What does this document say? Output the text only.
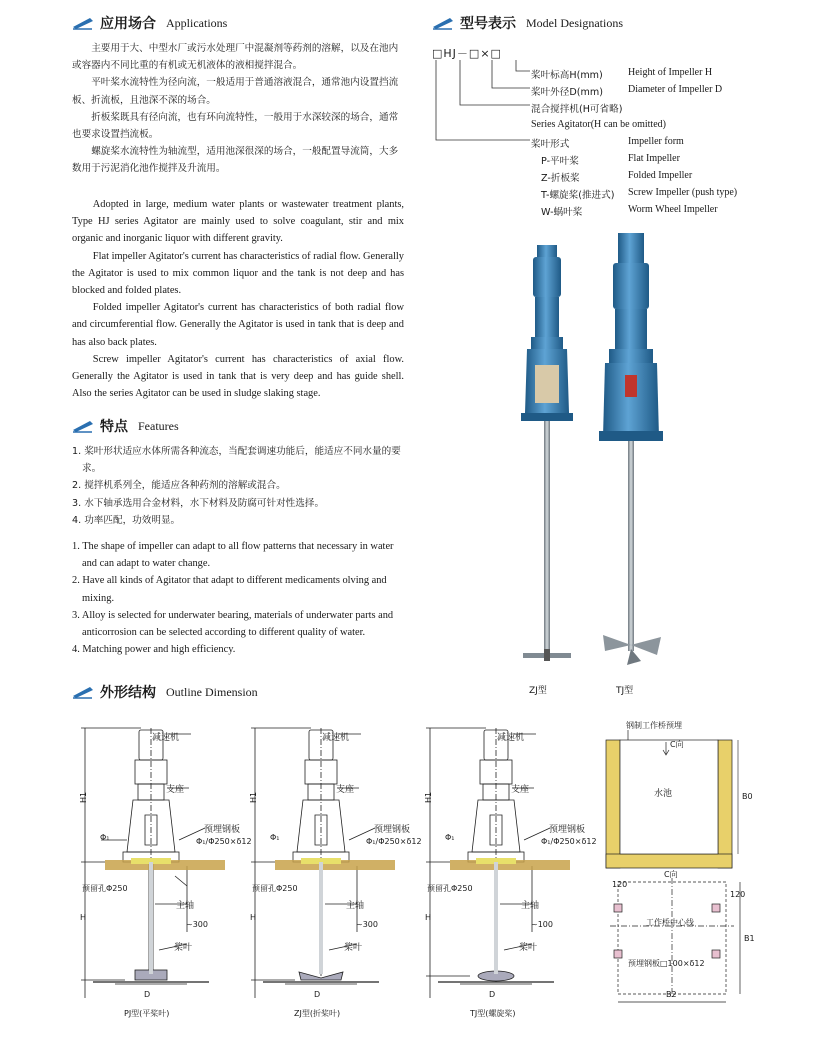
应用场合 Applications

主要用于大、中型水厂或污水处理厂中混凝剂等药剂的溶解，以及在池内或容器内不同比重的有机或无机液体的液相搅拌混合。

平叶桨水流特性为径向流，一般适用于普通溶液混合，通常池内设置挡流板、折流板，且池深不深的场合。

折板桨既具有径向流，也有环向流特性，一般用于水深较深的场合，通常也要求设置挡流板。

螺旋桨水流特性为轴流型，适用池深很深的场合，一般配置导流筒，大多数用于污泥消化池作搅拌及升流用。

Adopted in large, medium water plants or wastewater treatment plants, Type HJ series Agitator are mainly used to solve coagulant, stir and mix organic and inorganic liquor with different gravity.

Flat impeller Agitator's current has characteristics of radial flow. Generally the Agitator is used to mix common liquor and the tank is not deep and has blocked and folded plates.

Folded impeller Agitator's current has characteristics of both radial flow and circumferential flow. Generally the Agitator is used in tank that is deep and has also back plates.

Screw impeller Agitator's current has characteristics of axial flow. Generally the Agitator is used in tank that is very deep and has guide shell. Also the series Agitator can be used in sludge slaking stage.

特点 Features

1. 桨叶形状适应水体所需各种流态，当配套调速功能后，能适应不同水量的要求。

2. 搅拌机系列全，能适应各种药剂的溶解或混合。

3. 水下轴承选用合金材料，水下材料及防腐可针对性选择。

4. 功率匹配，功效明显。

1. The shape of impeller can adapt to all flow patterns that necessary in water and can adapt to water change.

2. Have all kinds of Agitator that adapt to different medicaments olving and mixing.

3. Alloy is selected for underwater bearing, materials of underwater parts and anticorrosion can be selected according to different quality of water.

4. Matching power and high efficiency.

型号表示 Model Designations
□HJ－□×□
桨叶标高H(mm)	Height of Impeller H
桨叶外径D(mm)	Diameter of Impeller D
混合搅拌机(H可省略)
Series Agitator(H can be omitted)
桨叶形式	Impeller form
P-平叶桨	Flat Impeller
Z-折板桨	Folded Impeller
T-螺旋桨(推进式) Screw Impeller (push type)
W-蜗叶桨	Worm Wheel Impeller
ZJ型	TJ型
外形结构 Outline Dimension
H1
H
减速机
支座
Φ₁
预埋钢板
Φ₁/Φ250×δ12
预留孔Φ250
主轴
~300
桨叶
D
PJ型(平桨叶)
H1
H
减速机
支座
Φ₁
预埋钢板
Φ₁/Φ250×δ12
预留孔Φ250
主轴
~300
桨叶
D
ZJ型(折桨叶)
H1
H
减速机
支座
Φ₁
预埋钢板
Φ₁/Φ250×δ12
预留孔Φ250
主轴
~100
桨叶
D
TJ型(螺旋桨)
钢制工作桥预埋
C向
水池	B0
C向
120
120
工作桥中心线
预埋钢板□100×δ12
B1
B2
